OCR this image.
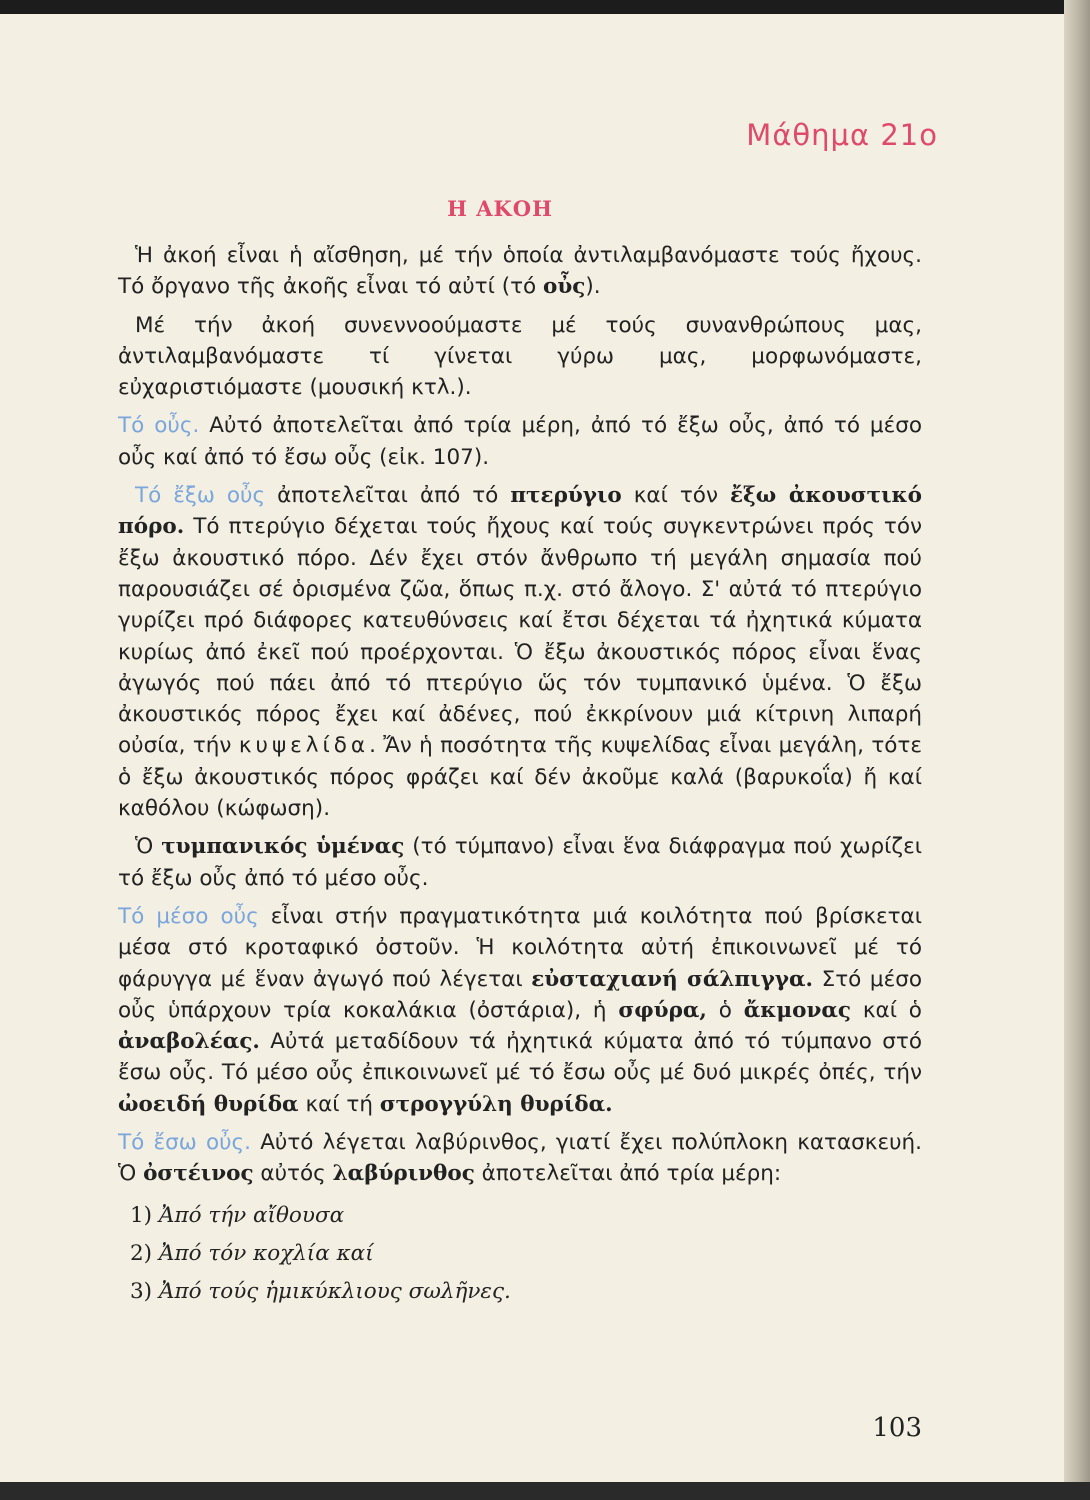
Μάθημα 21ο
Η ΑΚΟΗ

Ἡ ἀκοή εἶναι ἡ αἴσθηση, μέ τήν ὁποία ἀντιλαμβανόμαστε τούς ἤχους. Τό ὄργανο τῆς ἀκοῆς εἶναι τό αὐτί (τό οὖς).

Μέ τήν ἀκοή συνεννοούμαστε μέ τούς συνανθρώπους μας, ἀντιλαμβανόμαστε τί γίνεται γύρω μας, μορφωνόμαστε, εὐχαριστιόμαστε (μουσική κτλ.).

Τό οὖς. Αὐτό ἀποτελεῖται ἀπό τρία μέρη, ἀπό τό ἔξω οὖς, ἀπό τό μέσο οὖς καί ἀπό τό ἔσω οὖς (εἰκ. 107).

Τό ἔξω οὖς ἀποτελεῖται ἀπό τό πτερύγιο καί τόν ἔξω ἀκουστικό πόρο. Τό πτερύγιο δέχεται τούς ἤχους καί τούς συγκεντρώνει πρός τόν ἔξω ἀκουστικό πόρο. Δέν ἔχει στόν ἄνθρωπο τή μεγάλη σημασία πού παρουσιάζει σέ ὁρισμένα ζῶα, ὅπως π.χ. στό ἄλογο. Σ' αὐτά τό πτερύγιο γυρίζει πρό διάφορες κατευθύνσεις καί ἔτσι δέχεται τά ἠχητικά κύματα κυρίως ἀπό ἐκεῖ πού προέρχονται. Ὁ ἔξω ἀκουστικός πόρος εἶναι ἕνας ἀγωγός πού πάει ἀπό τό πτερύγιο ὥς τόν τυμπανικό ὑμένα. Ὁ ἔξω ἀκουστικός πόρος ἔχει καί ἀδένες, πού ἐκκρίνουν μιά κίτρινη λιπαρή οὐσία, τήν κυψελίδα. Ἄν ἡ ποσότητα τῆς κυψελίδας εἶναι μεγάλη, τότε ὁ ἔξω ἀκουστικός πόρος φράζει καί δέν ἀκοῦμε καλά (βαρυκοΐα) ἤ καί καθόλου (κώφωση).

Ὁ τυμπανικός ὑμένας (τό τύμπανο) εἶναι ἕνα διάφραγμα πού χωρίζει τό ἔξω οὖς ἀπό τό μέσο οὖς.

Τό μέσο οὖς εἶναι στήν πραγματικότητα μιά κοιλότητα πού βρίσκεται μέσα στό κροταφικό ὀστοῦν. Ἡ κοιλότητα αὐτή ἐπικοινωνεῖ μέ τό φάρυγγα μέ ἕναν ἀγωγό πού λέγεται εὐσταχιανή σάλπιγγα. Στό μέσο οὖς ὑπάρχουν τρία κοκαλάκια (ὀστάρια), ἡ σφύρα, ὁ ἄκμονας καί ὁ ἀναβολέας. Αὐτά μεταδίδουν τά ἠχητικά κύματα ἀπό τό τύμπανο στό ἔσω οὖς. Τό μέσο οὖς ἐπικοινωνεῖ μέ τό ἔσω οὖς μέ δυό μικρές ὀπές, τήν ὠοειδή θυρίδα καί τή στρογγύλη θυρίδα.

Τό ἔσω οὖς. Αὐτό λέγεται λαβύρινθος, γιατί ἔχει πολύπλοκη κατασκευή. Ὁ ὀστέινος αὐτός λαβύρινθος ἀποτελεῖται ἀπό τρία μέρη:

1) Ἀπό τήν αἴθουσα
2) Ἀπό τόν κοχλία καί
3) Ἀπό τούς ἡμικύκλιους σωλῆνες.
103
